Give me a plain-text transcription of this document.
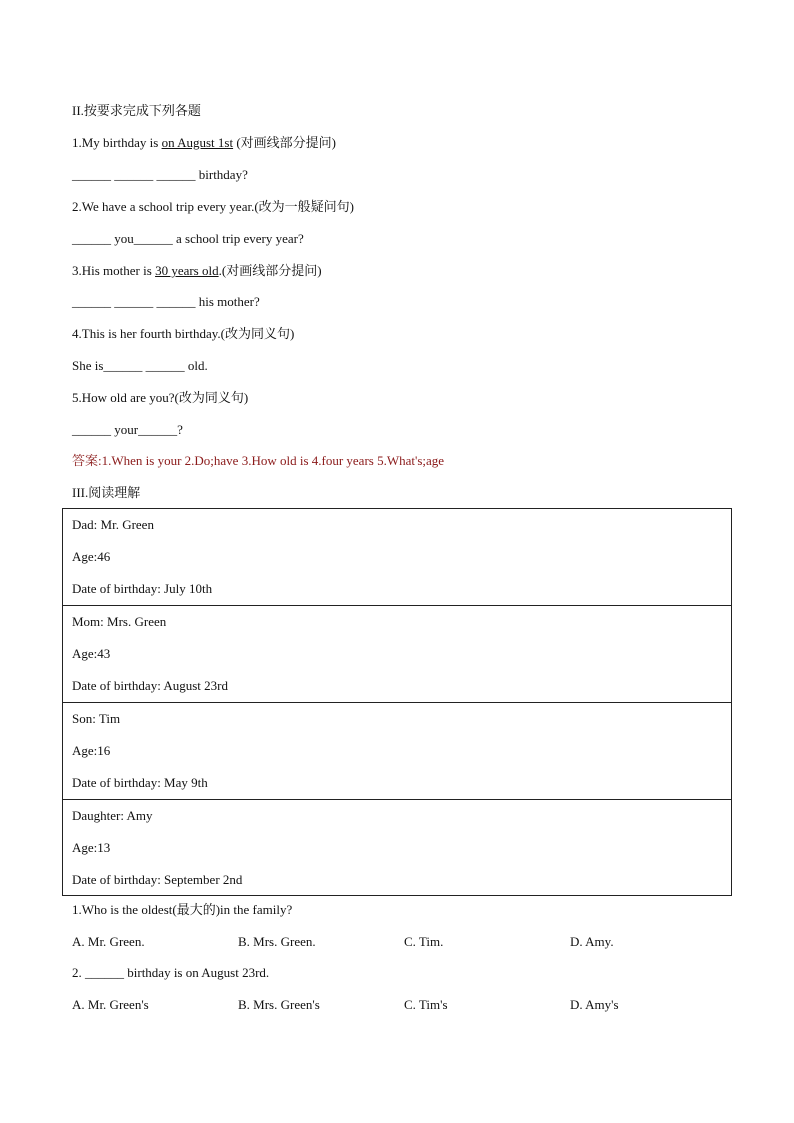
II.按要求完成下列各题
1.My birthday is on August 1st (对画线部分提问)
______ ______ ______ birthday?
2.We have a school trip every year.(改为一般疑问句)
______ you______ a school trip every year?
3.His mother is 30 years old.(对画线部分提问)
______ ______ ______ his mother?
4.This is her fourth birthday.(改为同义句)
She is______ ______ old.
5.How old are you?(改为同义句)
______ your______?
答案:1.When is your 2.Do;have 3.How old is 4.four years 5.What's;age
III.阅读理解
Dad: Mr. Green
Age:46
Date of birthday: July 10th
Mom: Mrs. Green
Age:43
Date of birthday: August 23rd
Son: Tim
Age:16
Date of birthday: May 9th
Daughter: Amy
Age:13
Date of birthday: September 2nd
1.Who is the oldest(最大的)in the family?
A. Mr. Green.	B. Mrs. Green.	C. Tim.	D. Amy.
2. ______ birthday is on August 23rd.
A. Mr. Green's	B. Mrs. Green's	C. Tim's	D. Amy's
